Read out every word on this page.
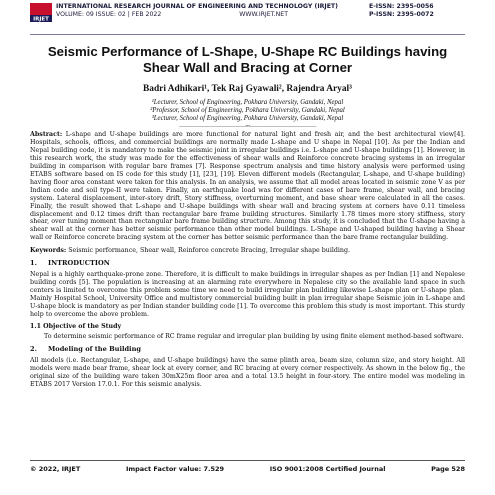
IRJET
INTERNATIONAL RESEARCH JOURNAL OF ENGINEERING AND TECHNOLOGY (IRJET)
VOLUME: 09 ISSUE: 02 | FEB 2022	WWW.IRJET.NET
E-ISSN: 2395-0056
P-ISSN: 2395-0072
Seismic Performance of L-Shape, U-Shape RC Buildings having Shear Wall and Bracing at Corner
Badri Adhikari¹, Tek Raj Gyawali², Rajendra Aryal³
¹Lecturer, School of Engineering, Pokhara University, Gandaki, Nepal
²Professor, School of Engineering, Pokhara University, Gandaki, Nepal
³Lecturer, School of Engineering, Pokhara University, Gandaki, Nepal
------------------------------------------------------------------------------***------------------------------------------------------------------------------

Abstract: L-shape and U-shape buildings are more functional for natural light and fresh air, and the best architectural view[4]. Hospitals, schools, offices, and commercial buildings are normally made L-shape and U shape in Nepal [10]. As per the Indian and Nepal building code, it is mandatory to make the seismic joint in irregular buildings i.e. L-shape and U-shape buildings [1]. However, in this research work, the study was made for the effectiveness of shear walls and Reinforce concrete bracing systems in an irregular building in comparison with regular bare frames [7]. Response spectrum analysis and time history analysis were performed using ETABS software based on IS code for this study [1], [23], [19]. Eleven different models (Rectangular, L-shape, and U-shape building) having floor area constant were taken for this analysis. In an analysis, we assume that all model areas located in seismic zone V as per Indian code and soil type-II were taken. Finally, an earthquake load was for different cases of bare frame, shear wall, and bracing system. Lateral displacement, inter-story drift, Story stiffness, overturning moment, and base shear were calculated in all the cases. Finally, the result showed that L-shape and U-shape buildings with shear wall and bracing system at corners have 0.11 timeless displacement and 0.12 times drift than rectangular bare frame building structures. Similarly 1.78 times more story stiffness, story shear, over tuning moment than rectangular bare frame building structure. Among this study, it is concluded that the U-shape having a shear wall at the corner has better seismic performance than other model buildings. L-Shape and U-shaped building having a Shear wall or Reinforce concrete bracing system at the corner has better seismic performance than the bare frame rectangular building.

Keywords: Seismic performance, Shear wall, Reinforce concrete Bracing, Irregular shape building.

1. INTRODUCTION

Nepal is a highly earthquake-prone zone. Therefore, it is difficult to make buildings in irregular shapes as per Indian [1] and Nepalese building cords [5]. The population is increasing at an alarming rate everywhere in Nepalese city so the available land space in such centers is limited to overcome this problem some time we need to build irregular plan building likewise L-shape plan or U-shape plan. Mainly Hospital School, University Office and multistory commercial building built in plan irregular shape Seismic join in L-shape and U-shape block is mandatory as per Indian stander building code [1]. To overcome this problem this study is most important. This sturdy help to overcome the above problem.

1.1 Objective of the Study

To determine seismic performance of RC frame regular and irregular plan building by using finite element method-based software.

2. Modeling of the Building

All models (i.e. Rectangular, L-shape, and U-shape buildings) have the same plinth area, beam size, column size, and story height. All models were made bear frame, shear lock at every corner, and RC bracing at every corner respectively. As shown in the below fig., the original size of the building ware taken 30mX25m floor area and a total 13.5 height in four-story. The entire model was modeling in ETABS 2017 Version 17.0.1. For this seismic analysis.

© 2022, IRJET	Impact Factor value: 7.529	ISO 9001:2008 Certified Journal	Page 528
